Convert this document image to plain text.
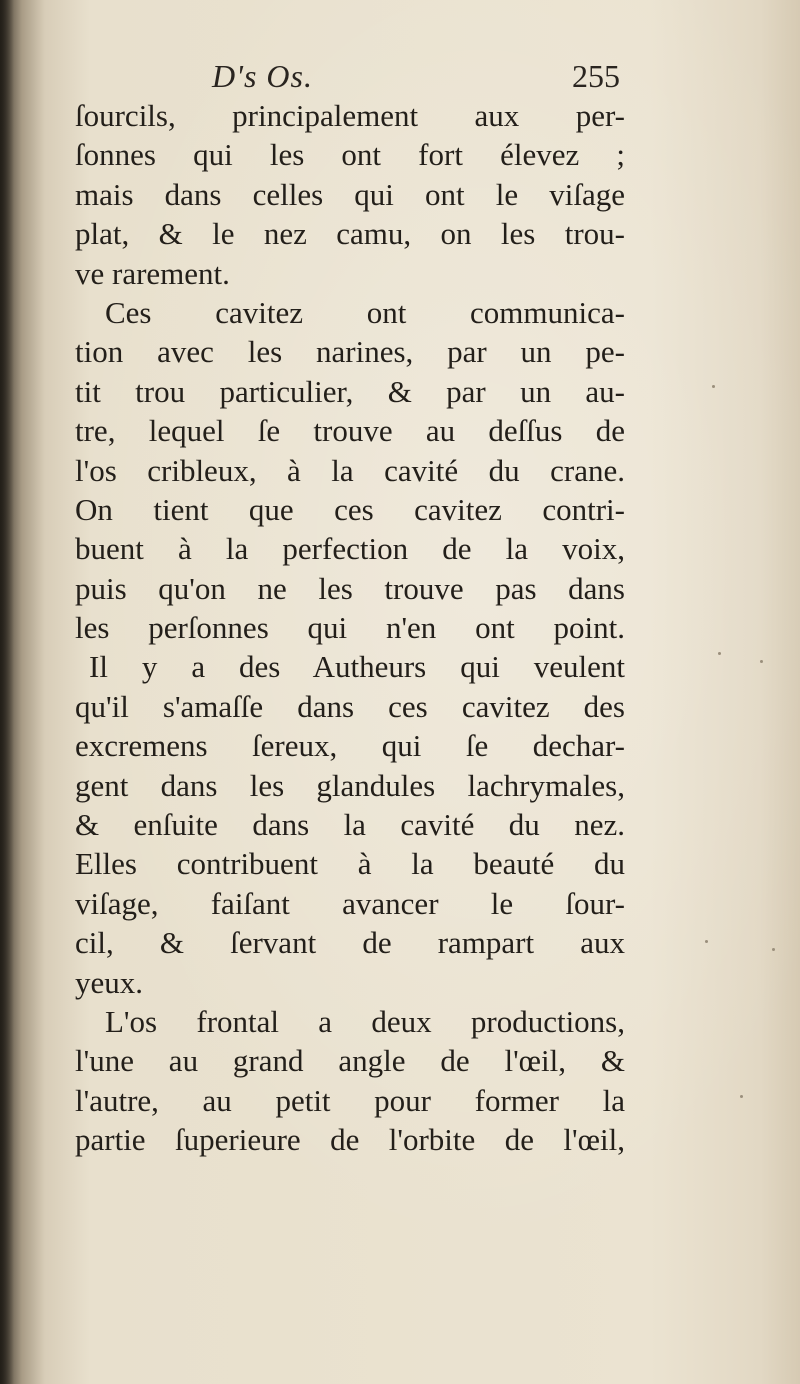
D's Os.	255
ſourcils, principalement aux per-
ſonnes qui les ont fort élevez ;
mais dans celles qui ont le viſage
plat, & le nez camu, on les trou-
ve rarement.
Ces cavitez ont communica-
tion avec les narines, par un pe-
tit trou particulier, & par un au-
tre, lequel ſe trouve au deſſus de
l'os cribleux, à la cavité du crane.
On tient que ces cavitez contri-
buent à la perfection de la voix,
puis qu'on ne les trouve pas dans
les perſonnes qui n'en ont point.
Il y a des Autheurs qui veulent
qu'il s'amaſſe dans ces cavitez des
excremens ſereux, qui ſe dechar-
gent dans les glandules lachrymales,
& enſuite dans la cavité du nez.
Elles contribuent à la beauté du
viſage, faiſant avancer le ſour-
cil, & ſervant de rampart aux
yeux.
L'os frontal a deux productions,
l'une au grand angle de l'œil, &
l'autre, au petit pour former la
partie ſuperieure de l'orbite de l'œil,
